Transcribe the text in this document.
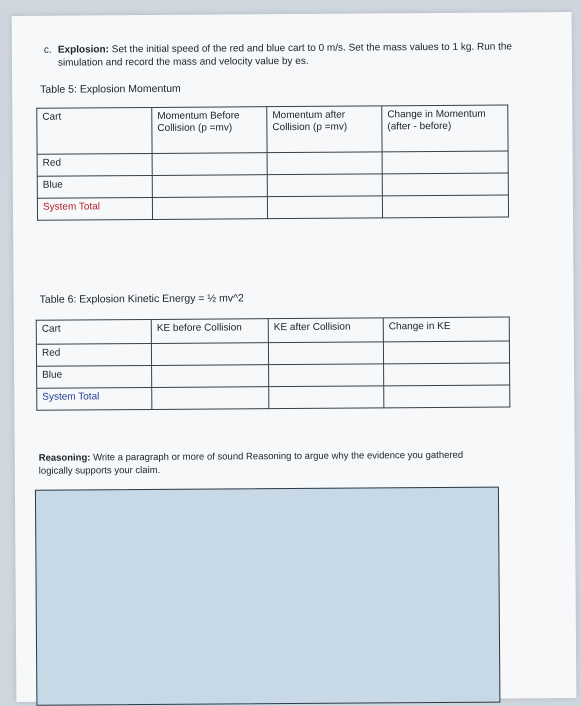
c. Explosion: Set the initial speed of the red and blue cart to 0 m/s. Set the mass values to 1 kg. Run the simulation and record the mass and velocity value by es.
Table 5: Explosion Momentum
Cart	Momentum Before Collision (p =mv)	Momentum after Collision (p =mv)	Change in Momentum (after - before)
Red			
Blue			
System Total			
Table 6: Explosion Kinetic Energy = ½ mv^2
Cart	KE before Collision	KE after Collision	Change in KE
Red			
Blue			
System Total			
Reasoning: Write a paragraph or more of sound Reasoning to argue why the evidence you gathered logically supports your claim.
